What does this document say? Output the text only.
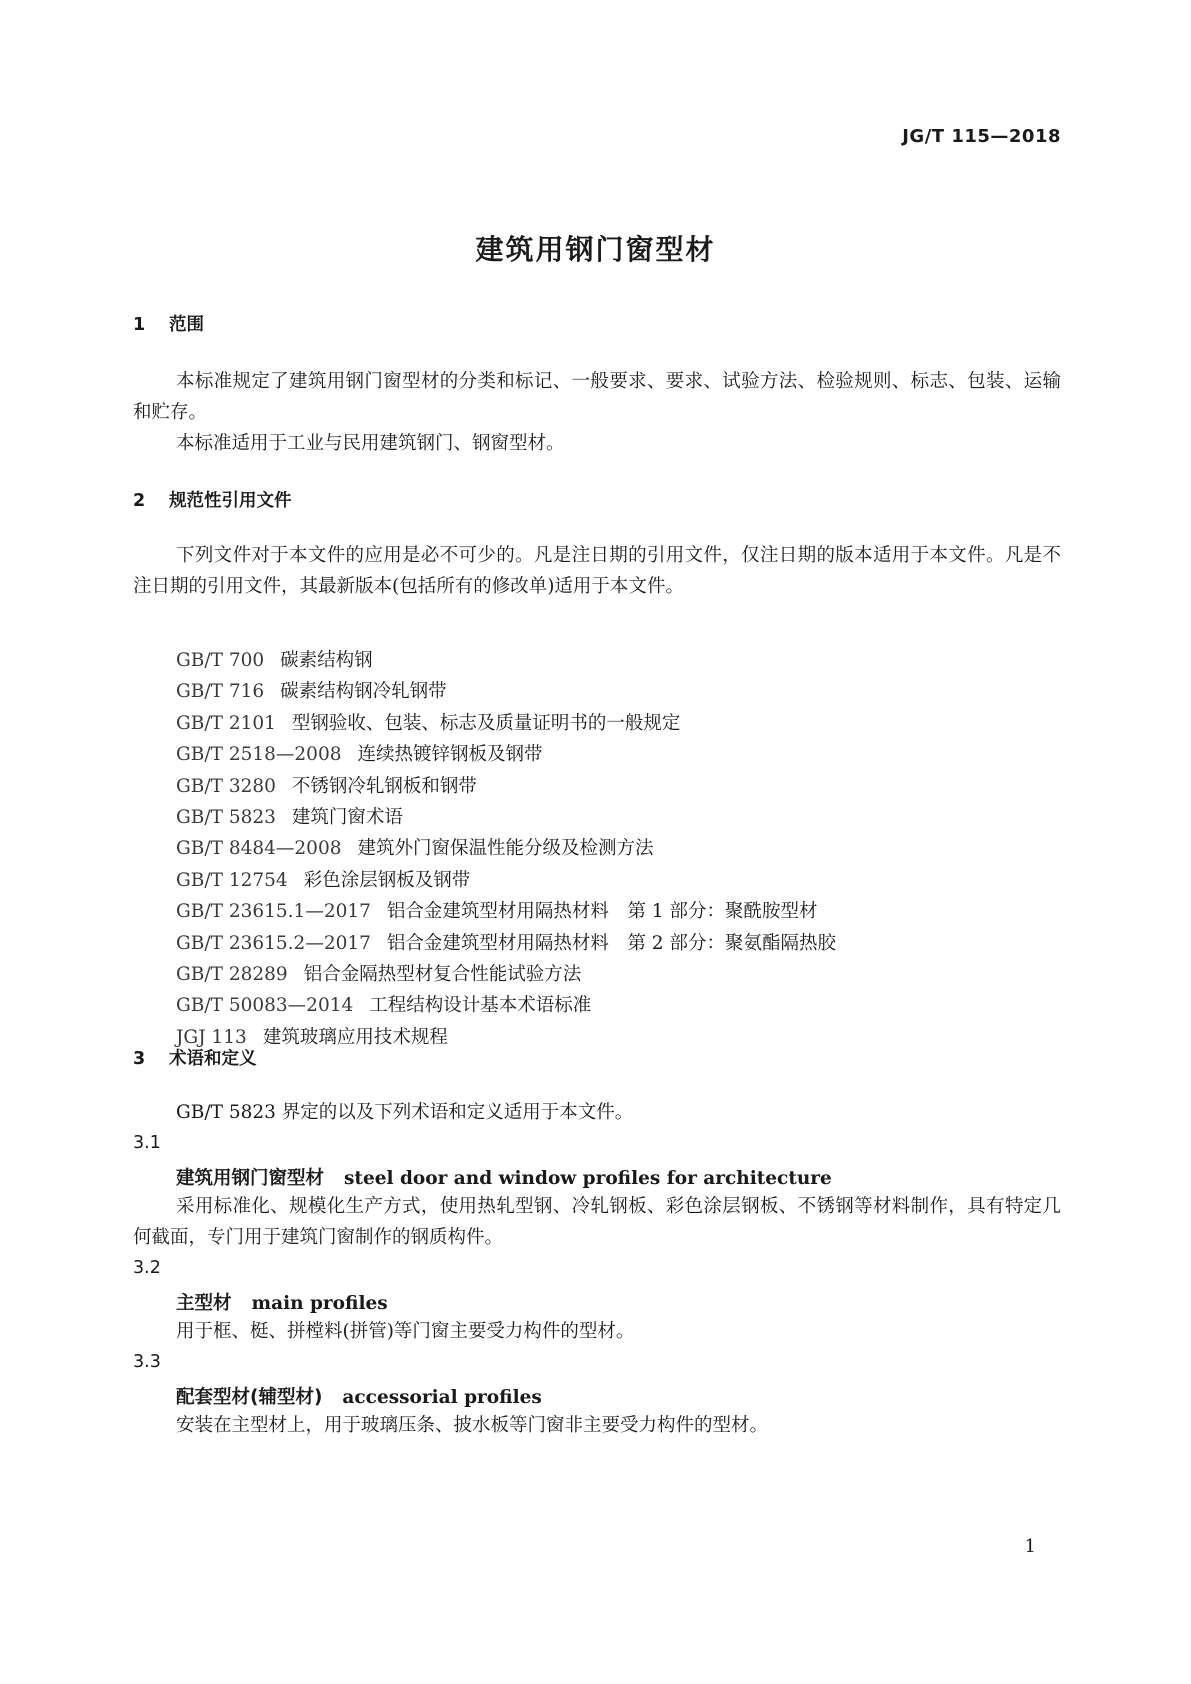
JG/T 115—2018
建筑用钢门窗型材
1 范围
本标准规定了建筑用钢门窗型材的分类和标记、一般要求、要求、试验方法、检验规则、标志、包装、运输和贮存。
本标准适用于工业与民用建筑钢门、钢窗型材。
2 规范性引用文件
下列文件对于本文件的应用是必不可少的。凡是注日期的引用文件，仅注日期的版本适用于本文件。凡是不注日期的引用文件，其最新版本(包括所有的修改单)适用于本文件。
GB/T 700 碳素结构钢
GB/T 716 碳素结构钢冷轧钢带
GB/T 2101 型钢验收、包装、标志及质量证明书的一般规定
GB/T 2518—2008 连续热镀锌钢板及钢带
GB/T 3280 不锈钢冷轧钢板和钢带
GB/T 5823 建筑门窗术语
GB/T 8484—2008 建筑外门窗保温性能分级及检测方法
GB/T 12754 彩色涂层钢板及钢带
GB/T 23615.1—2017 铝合金建筑型材用隔热材料　第 1 部分：聚酰胺型材
GB/T 23615.2—2017 铝合金建筑型材用隔热材料　第 2 部分：聚氨酯隔热胶
GB/T 28289 铝合金隔热型材复合性能试验方法
GB/T 50083—2014 工程结构设计基本术语标准
JGJ 113 建筑玻璃应用技术规程
3 术语和定义
GB/T 5823 界定的以及下列术语和定义适用于本文件。
3.1
建筑用钢门窗型材 steel door and window profiles for architecture
采用标准化、规模化生产方式，使用热轧型钢、冷轧钢板、彩色涂层钢板、不锈钢等材料制作，具有特定几何截面，专门用于建筑门窗制作的钢质构件。
3.2
主型材 main profiles
用于框、梃、拼樘料(拼管)等门窗主要受力构件的型材。
3.3
配套型材(辅型材) accessorial profiles
安装在主型材上，用于玻璃压条、披水板等门窗非主要受力构件的型材。
1
